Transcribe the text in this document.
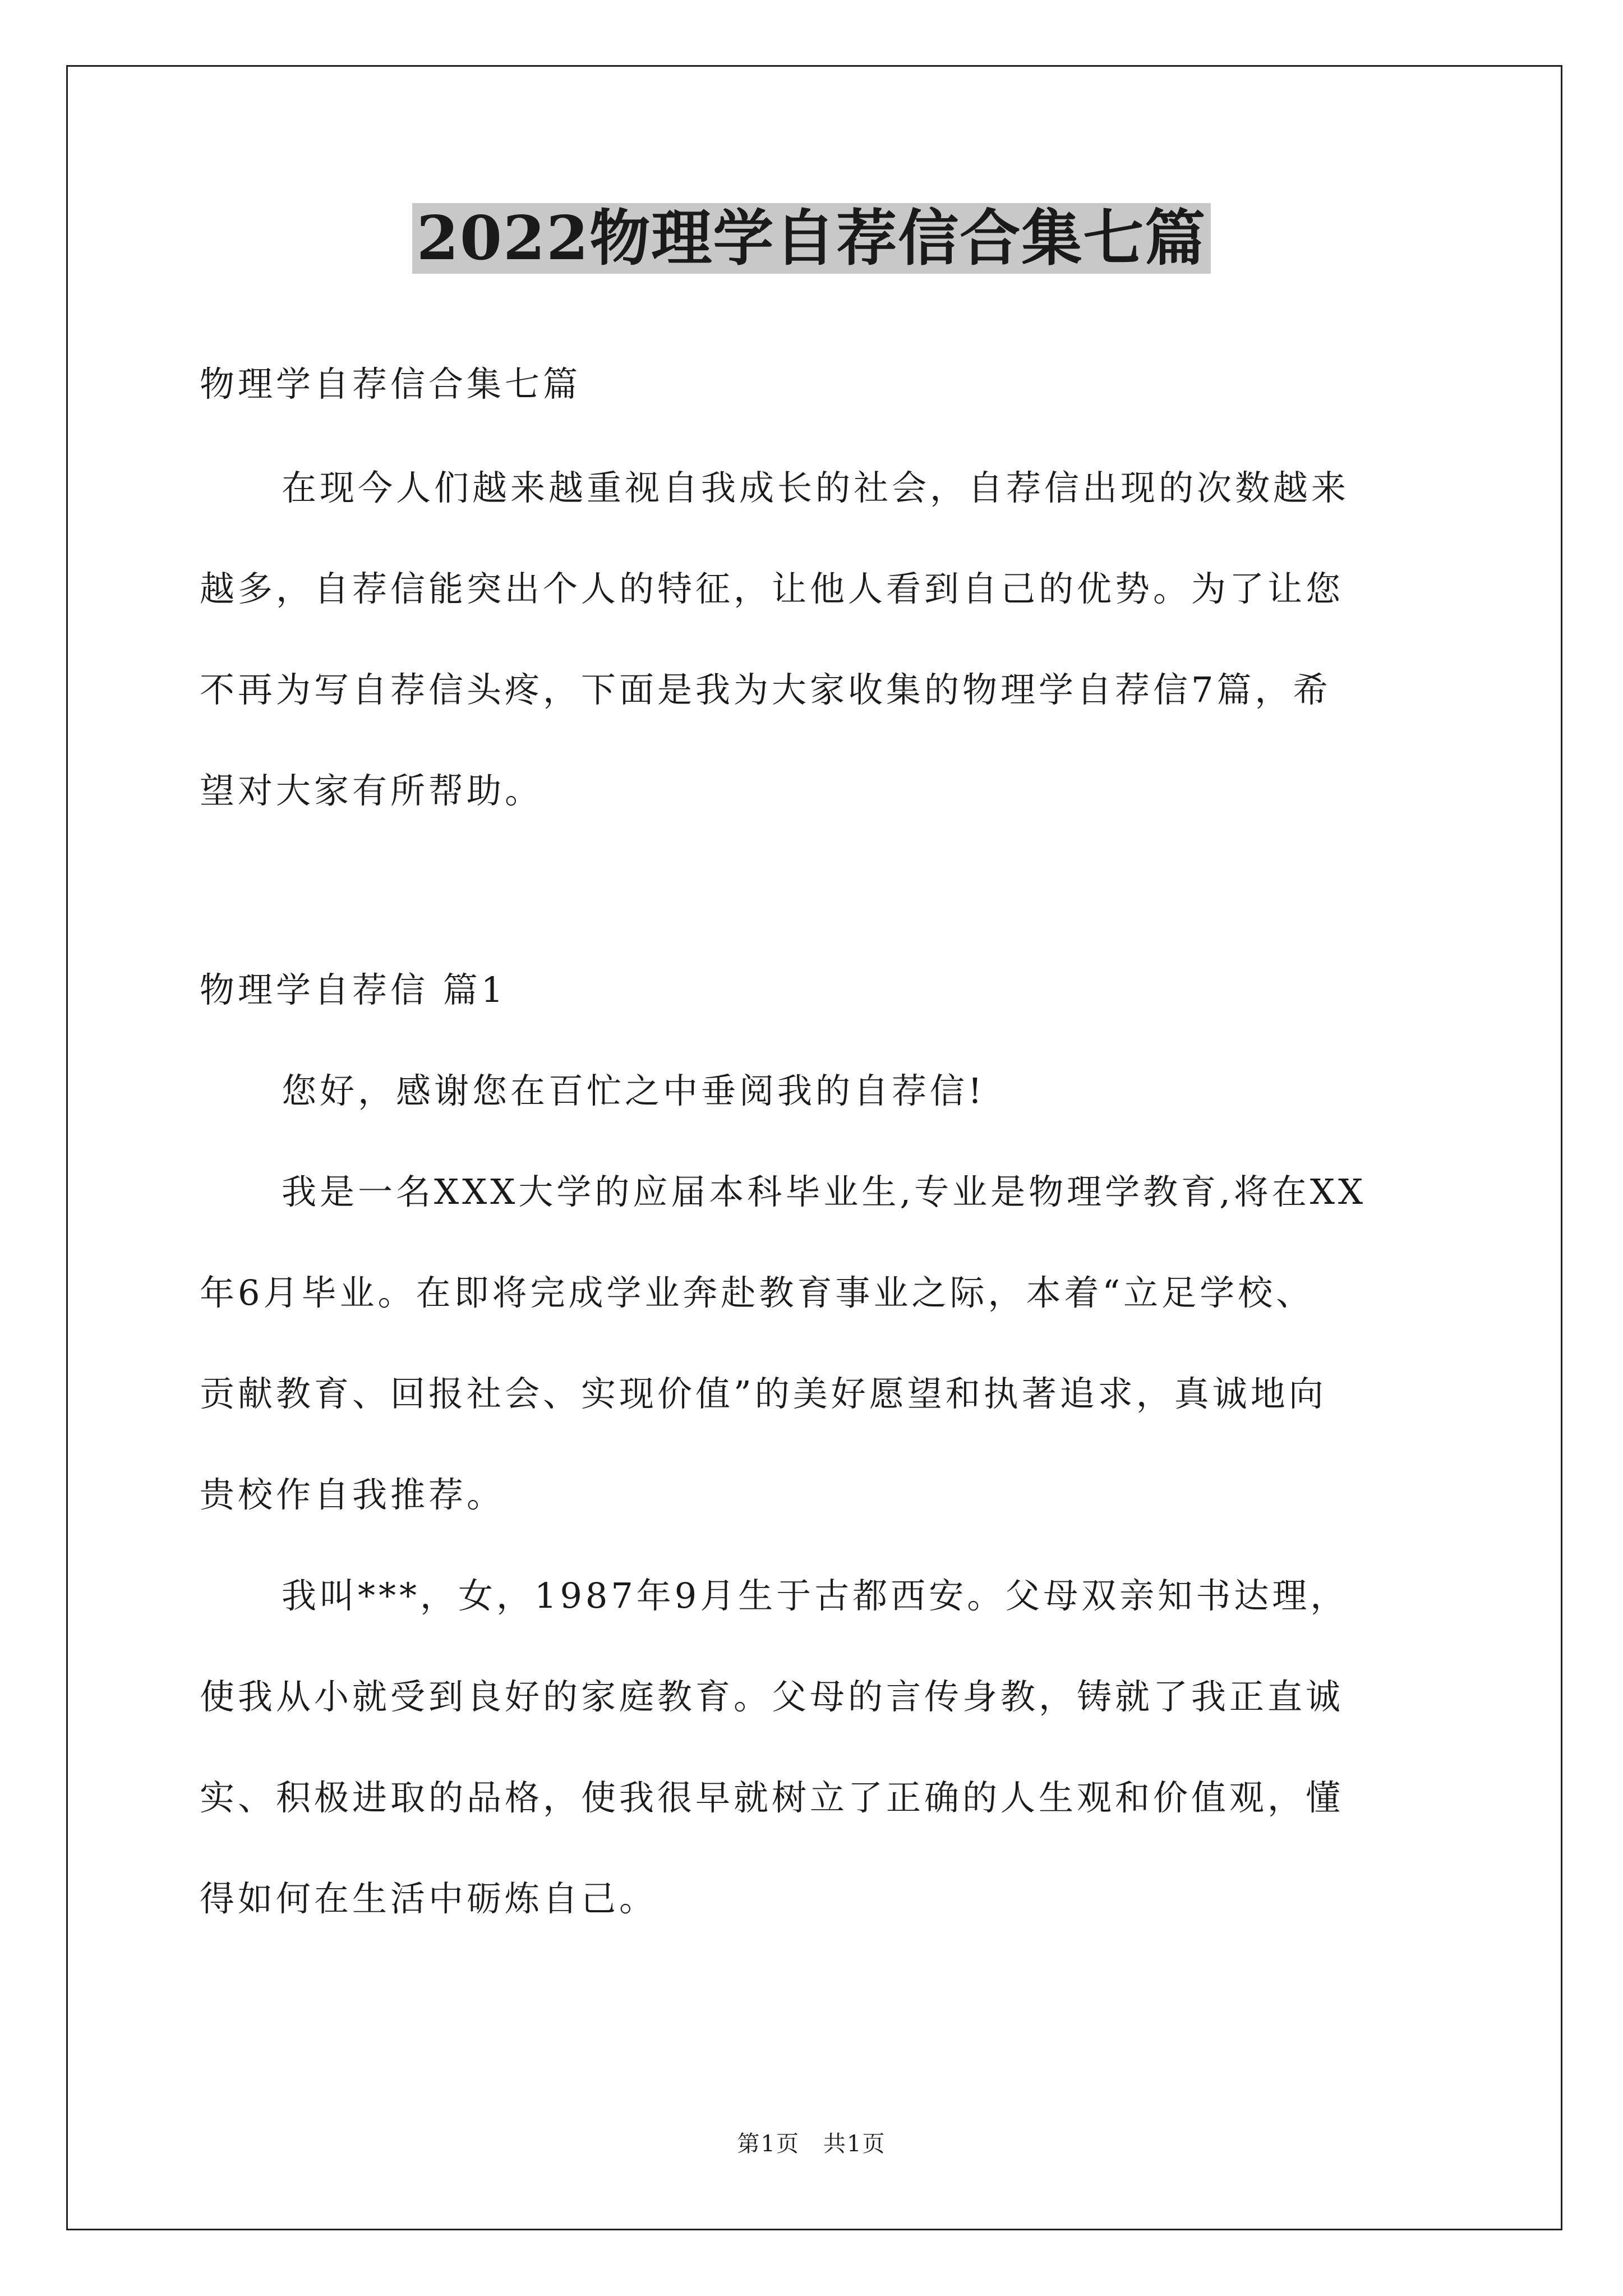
2022物理学自荐信合集七篇
物理学自荐信合集七篇
在现今人们越来越重视自我成长的社会，自荐信出现的次数越来
越多，自荐信能突出个人的特征，让他人看到自己的优势。为了让您
不再为写自荐信头疼，下面是我为大家收集的物理学自荐信7篇，希
望对大家有所帮助。
物理学自荐信 篇1
您好，感谢您在百忙之中垂阅我的自荐信!
我是一名XXX大学的应届本科毕业生,专业是物理学教育,将在XX
年6月毕业。在即将完成学业奔赴教育事业之际，本着“立足学校、
贡献教育、回报社会、实现价值”的美好愿望和执著追求，真诚地向
贵校作自我推荐。
我叫***，女，1987年9月生于古都西安。父母双亲知书达理，
使我从小就受到良好的家庭教育。父母的言传身教，铸就了我正直诚
实、积极进取的品格，使我很早就树立了正确的人生观和价值观，懂
得如何在生活中砺炼自己。
第1页　共1页
